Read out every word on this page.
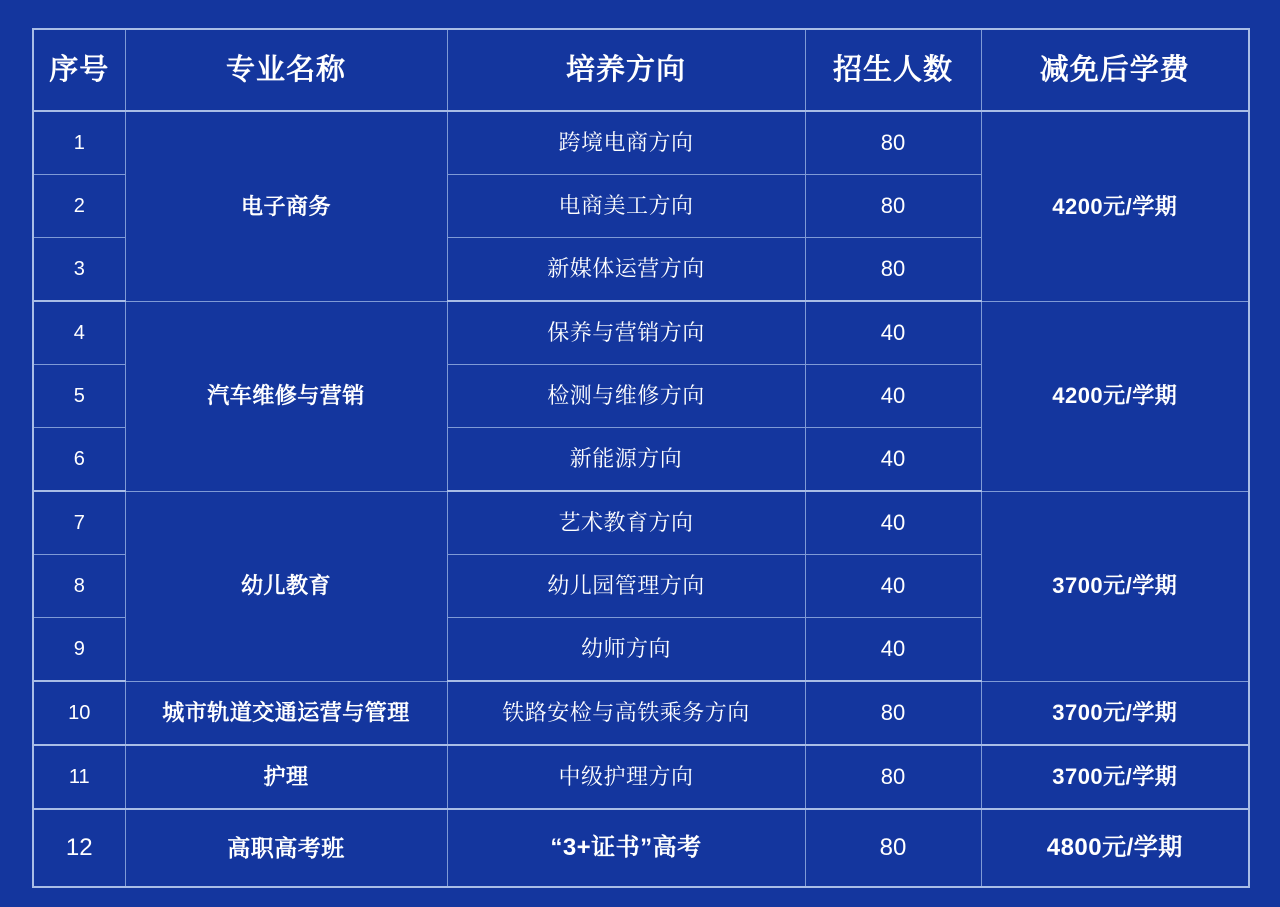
序号	专业名称	培养方向	招生人数	减免后学费
1	电子商务	跨境电商方向	80	4200元/学期
2		电商美工方向	80	
3		新媒体运营方向	80	
4	汽车维修与营销	保养与营销方向	40	4200元/学期
5		检测与维修方向	40	
6		新能源方向	40	
7	幼儿教育	艺术教育方向	40	3700元/学期
8		幼儿园管理方向	40	
9		幼师方向	40	
10	城市轨道交通运营与管理	铁路安检与高铁乘务方向	80	3700元/学期
11	护理	中级护理方向	80	3700元/学期
12	高职高考班	“3+证书”高考	80	4800元/学期
